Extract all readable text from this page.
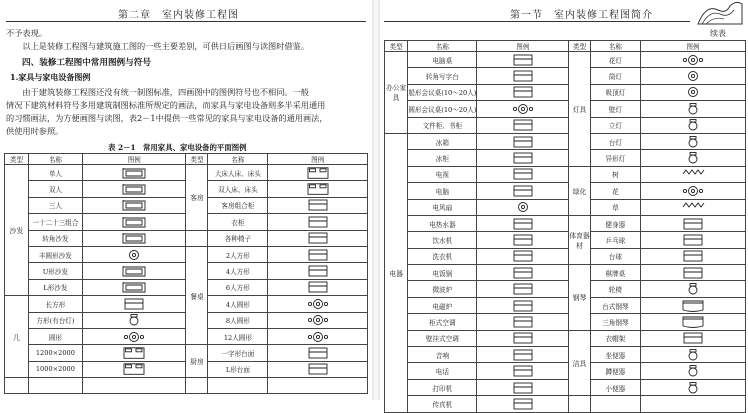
第二章　室内装修工程图
不予表现。
　　以上是装修工程图与建筑施工图的一些主要差别，可供日后画图与读图时借鉴。
四、装修工程图中常用图例与符号
1.家具与家电设备图例
　　由于建筑装修工程图还没有统一制图标准，四画图中的图例符号也不相同。一般
情况下建筑材料符号多用建筑制图标准所规定的画法，而家具与家电设备则多半采用通用
的习惯画法，为方便画图与读图，表2－1中提供一些常见的家具与家电设备的通用画法，
供使用时参照。
表 2－1　常用家具、家电设备的平面图例
类型	名称	图例	类型	名称	图例
沙发	单人		客房	大床人床、床头	

	双人			双人床、床头	

	三人			客房组合柜	

	一十二十三组合			衣柜	

	转角沙发			各种椅子	

	丰圆形沙发		餐桌	2人方形	

	U形沙发			4人方形	

	L形沙发			6人方形	

几	长方形			4人圆形	

	方形(有台灯)			8人圆形	

	圆形			12人圆形	

	1200×2000		厨房	一字形台面	

	1000×2000			L形台面	

第一节　室内装修工程图简介
续表
类型	名称	图例	类型	名称	图例
办公家具	电脑桌		灯具	花灯	

	转角写字台			筒灯	

	船形会议桌(10～20人)			吸顶灯	

	圆形会议桌(10～20人)			壁灯	

	文件柜、书柜			立灯	

电器	冰箱			台灯	

	冰柜			异形灯	

	电视		绿化	树	

	电脑			花	

	电风扇			草	

	电热水器		体育器材	健身器	

	饮水机			乒乓球	

	洗衣机			台球	

	电饭锅		钢琴	棋牌桌	

	微波炉			轮椅	

	电磁炉			台式钢琴	

	柜式空调			三角钢琴	

	壁挂式空调		洁具	衣帽架	

	音响			坐便器	

	电话			蹲便器	

	打印机			小便器	

	传真机	
